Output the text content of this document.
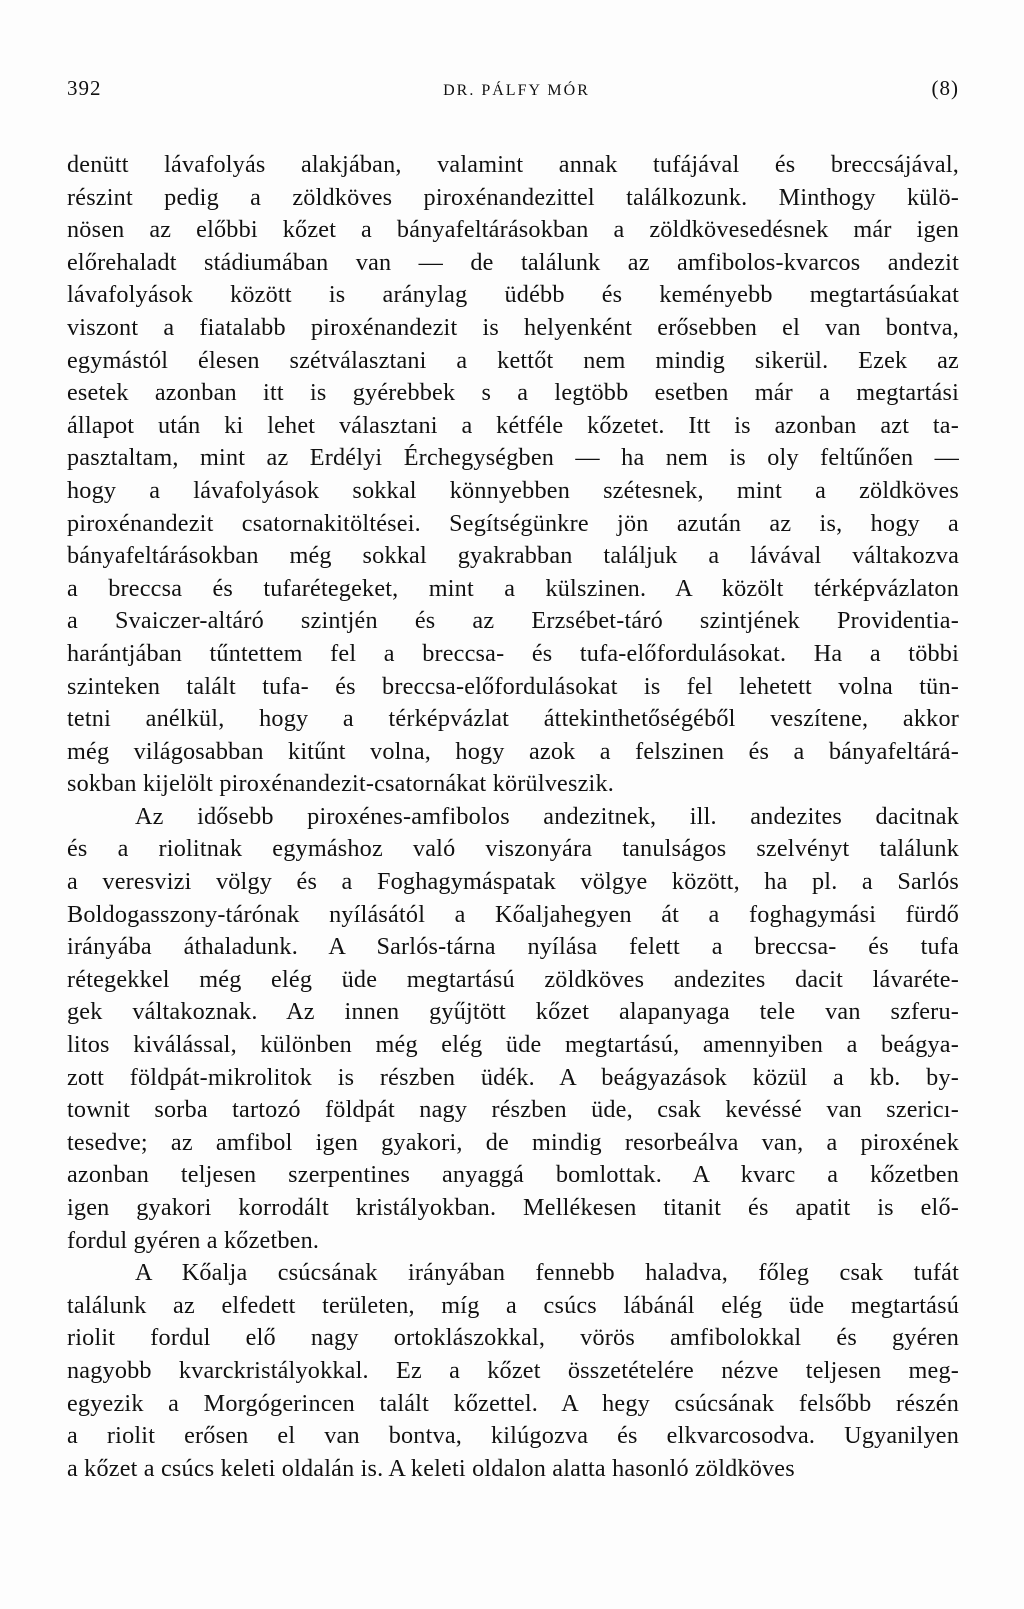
392	DR. PÁLFY MÓR	(8)

denütt lávafolyás alakjában, valamint annak tufájával és breccsájával,
részint pedig a zöldköves piroxénandezittel találkozunk. Minthogy külö-
nösen az előbbi kőzet a bányafeltárásokban a zöldkövesedésnek már igen
előrehaladt stádiumában van — de találunk az amfibolos-kvarcos andezit
lávafolyások között is aránylag üdébb és keményebb megtartásúakat
viszont a fiatalabb piroxénandezit is helyenként erősebben el van bontva,
egymástól élesen szétválasztani a kettőt nem mindig sikerül. Ezek az
esetek azonban itt is gyérebbek s a legtöbb esetben már a megtartási
állapot után ki lehet választani a kétféle kőzetet. Itt is azonban azt ta-
pasztaltam, mint az Erdélyi Érchegységben — ha nem is oly feltűnően —
hogy a lávafolyások sokkal könnyebben szétesnek, mint a zöldköves
piroxénandezit csatornakitöltései. Segítségünkre jön azután az is, hogy a
bányafeltárásokban még sokkal gyakrabban találjuk a lávával váltakozva
a breccsa és tufarétegeket, mint a külszinen. A közölt térképvázlaton
a Svaiczer-altáró szintjén és az Erzsébet-táró szintjének Providentia-
harántjában tűntettem fel a breccsa- és tufa-előfordulásokat. Ha a többi
szinteken talált tufa- és breccsa-előfordulásokat is fel lehetett volna tün-
tetni anélkül, hogy a térképvázlat áttekinthetőségéből veszítene, akkor
még világosabban kitűnt volna, hogy azok a felszinen és a bányafeltárá-
sokban kijelölt piroxénandezit-csatornákat körülveszik.

Az idősebb piroxénes-amfibolos andezitnek, ill. andezites dacitnak
és a riolitnak egymáshoz való viszonyára tanulságos szelvényt találunk
a veresvizi völgy és a Foghagymáspatak völgye között, ha pl. a Sarlós
Boldogasszony-tárónak nyílásától a Kőaljahegyen át a foghagymási fürdő
irányába áthaladunk. A Sarlós-tárna nyílása felett a breccsa- és tufa
rétegekkel még elég üde megtartású zöldköves andezites dacit lávaréte-
gek váltakoznak. Az innen gyűjtött kőzet alapanyaga tele van szferu-
litos kiválással, különben még elég üde megtartású, amennyiben a beágya-
zott földpát-mikrolitok is részben üdék. A beágyazások közül a kb. by-
townit sorba tartozó földpát nagy részben üde, csak kevéssé van szericı-
tesedve; az amfibol igen gyakori, de mindig resorbeálva van, a piroxének
azonban teljesen szerpentines anyaggá bomlottak. A kvarc a kőzetben
igen gyakori korrodált kristályokban. Mellékesen titanit és apatit is elő-
fordul gyéren a kőzetben.

A Kőalja csúcsának irányában fennebb haladva, főleg csak tufát
találunk az elfedett területen, míg a csúcs lábánál elég üde megtartású
riolit fordul elő nagy ortoklászokkal, vörös amfibolokkal és gyéren
nagyobb kvarckristályokkal. Ez a kőzet összetételére nézve teljesen meg-
egyezik a Morgógerincen talált kőzettel. A hegy csúcsának felsőbb részén
a riolit erősen el van bontva, kilúgozva és elkvarcosodva. Ugyanilyen
a kőzet a csúcs keleti oldalán is. A keleti oldalon alatta hasonló zöldköves
